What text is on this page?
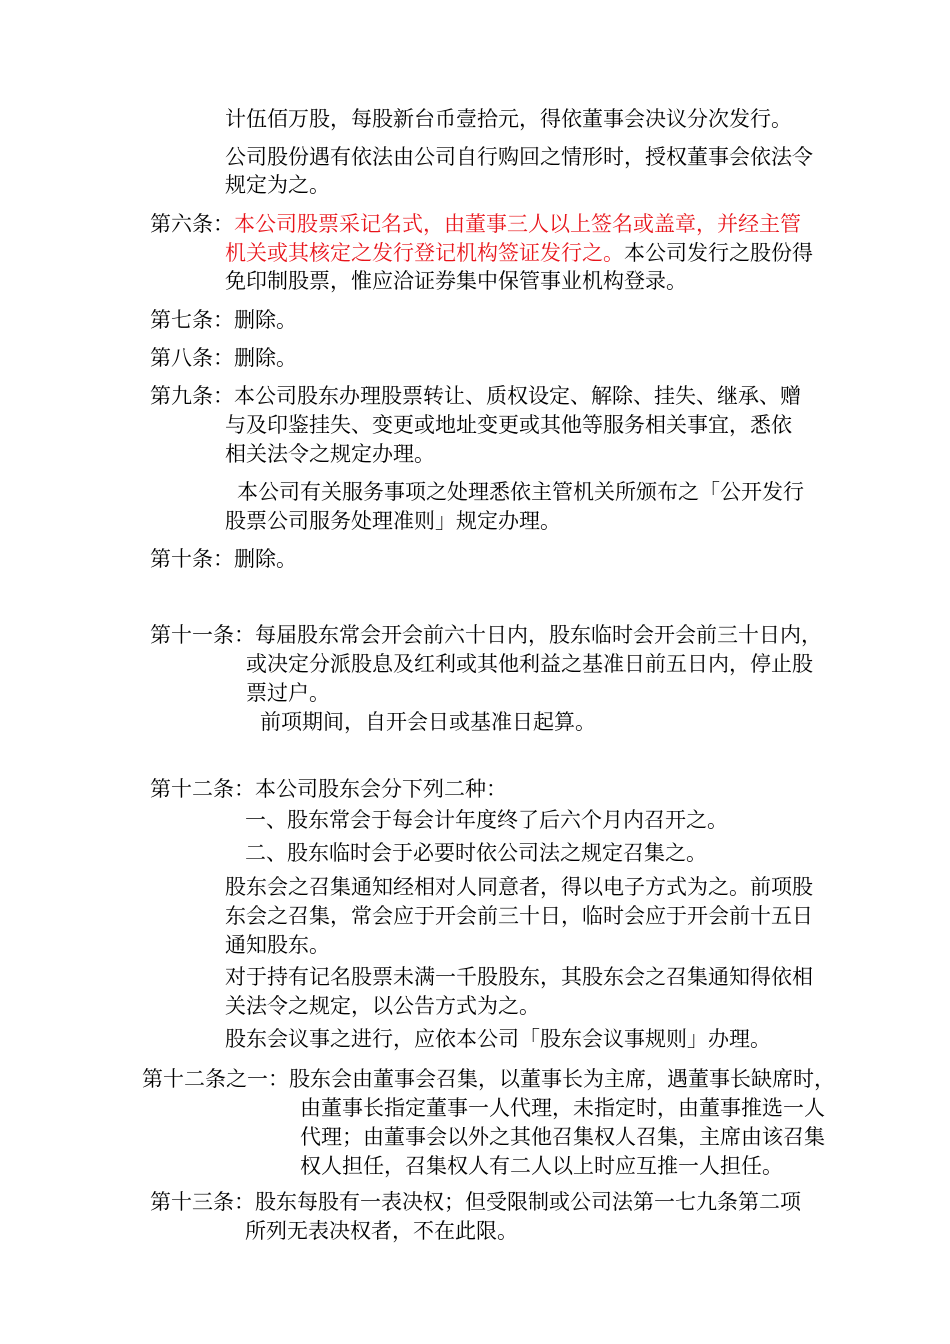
计伍佰万股，每股新台币壹拾元，得依董事会决议分次发行。
公司股份遇有依法由公司自行购回之情形时，授权董事会依法令
规定为之。
第六条：本公司股票采记名式，由董事三人以上签名或盖章，并经主管
机关或其核定之发行登记机构签证发行之。本公司发行之股份得
免印制股票，惟应洽证券集中保管事业机构登录。
第七条：删除。
第八条：删除。
第九条：本公司股东办理股票转让、质权设定、解除、挂失、继承、赠
与及印鉴挂失、变更或地址变更或其他等服务相关事宜，悉依
相关法令之规定办理。
本公司有关服务事项之处理悉依主管机关所颁布之「公开发行
股票公司服务处理准则」规定办理。
第十条：删除。
第十一条：每届股东常会开会前六十日内，股东临时会开会前三十日内，
或决定分派股息及红利或其他利益之基准日前五日内，停止股
票过户。
前项期间，自开会日或基准日起算。
第十二条：本公司股东会分下列二种：
一、股东常会于每会计年度终了后六个月内召开之。
二、股东临时会于必要时依公司法之规定召集之。
股东会之召集通知经相对人同意者，得以电子方式为之。前项股
东会之召集，常会应于开会前三十日，临时会应于开会前十五日
通知股东。
对于持有记名股票未满一千股股东，其股东会之召集通知得依相
关法令之规定，以公告方式为之。
股东会议事之进行，应依本公司「股东会议事规则」办理。
第十二条之一：股东会由董事会召集，以董事长为主席，遇董事长缺席时，
由董事长指定董事一人代理，未指定时，由董事推选一人
代理；由董事会以外之其他召集权人召集，主席由该召集
权人担任，召集权人有二人以上时应互推一人担任。
第十三条：股东每股有一表决权；但受限制或公司法第一七九条第二项
所列无表决权者，不在此限。
